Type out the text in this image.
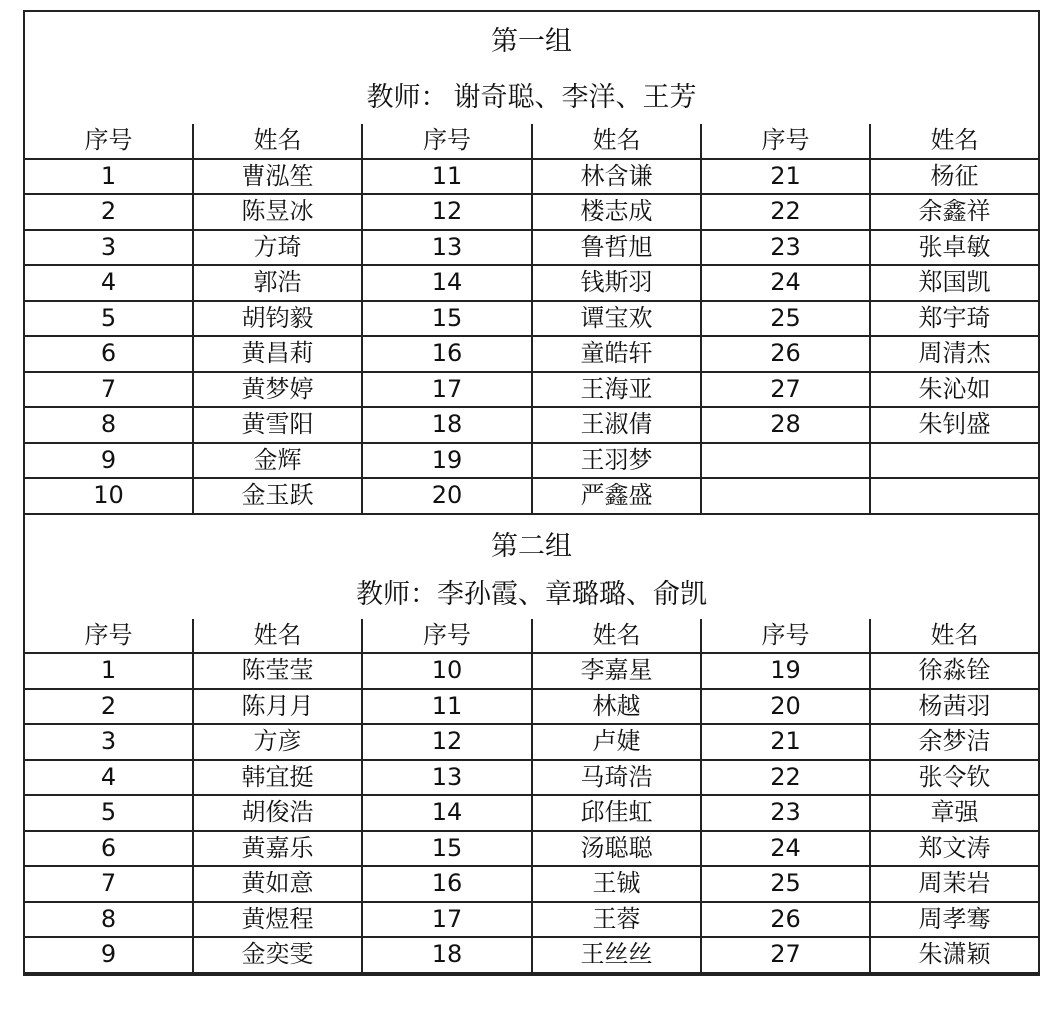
第一组
教师： 谢奇聪、李洋、王芳
序号	姓名	序号	姓名	序号	姓名
1	曹泓笙	11	林含谦	21	杨征
2	陈昱冰	12	楼志成	22	余鑫祥
3	方琦	13	鲁哲旭	23	张卓敏
4	郭浩	14	钱斯羽	24	郑国凯
5	胡钧毅	15	谭宝欢	25	郑宇琦
6	黄昌莉	16	童皓轩	26	周清杰
7	黄梦婷	17	王海亚	27	朱沁如
8	黄雪阳	18	王淑倩	28	朱钊盛
9	金辉	19	王羽梦		
10	金玉跃	20	严鑫盛		
第二组
教师：李孙霞、章璐璐、俞凯
序号	姓名	序号	姓名	序号	姓名
1	陈莹莹	10	李嘉星	19	徐淼铨
2	陈月月	11	林越	20	杨茜羽
3	方彦	12	卢婕	21	余梦洁
4	韩宜挺	13	马琦浩	22	张令钦
5	胡俊浩	14	邱佳虹	23	章强
6	黄嘉乐	15	汤聪聪	24	郑文涛
7	黄如意	16	王铖	25	周茉岩
8	黄煜程	17	王蓉	26	周孝骞
9	金奕雯	18	王丝丝	27	朱潇颖
